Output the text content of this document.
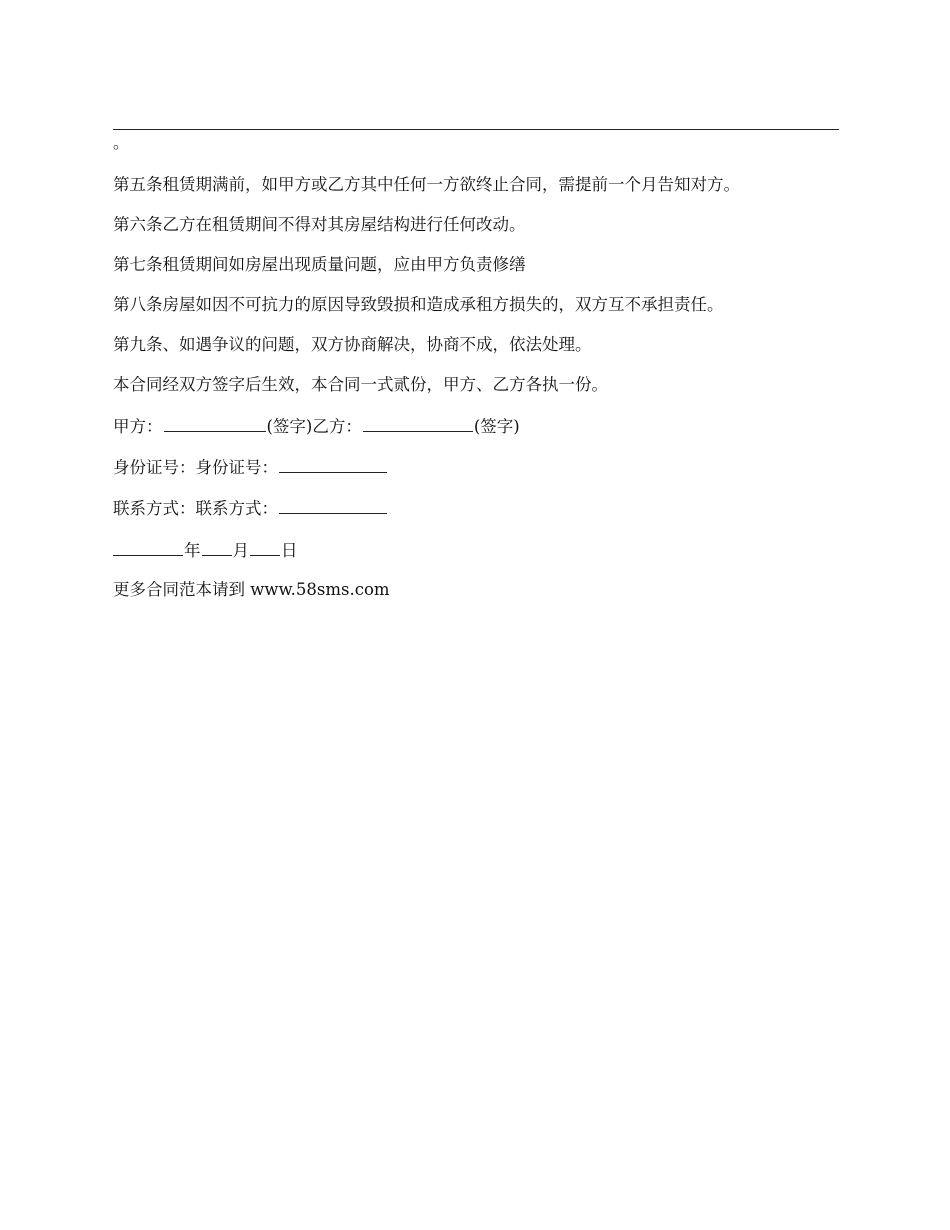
。
第五条租赁期满前，如甲方或乙方其中任何一方欲终止合同，需提前一个月告知对方。
第六条乙方在租赁期间不得对其房屋结构进行任何改动。
第七条租赁期间如房屋出现质量问题，应由甲方负责修缮
第八条房屋如因不可抗力的原因导致毁损和造成承租方损失的，双方互不承担责任。
第九条、如遇争议的问题，双方协商解决，协商不成，依法处理。
本合同经双方签字后生效，本合同一式贰份，甲方、乙方各执一份。
甲方：	(签字)乙方：	(签字)
身份证号：身份证号：
联系方式：联系方式：
年 月 日
更多合同范本请到 www.58sms.com
